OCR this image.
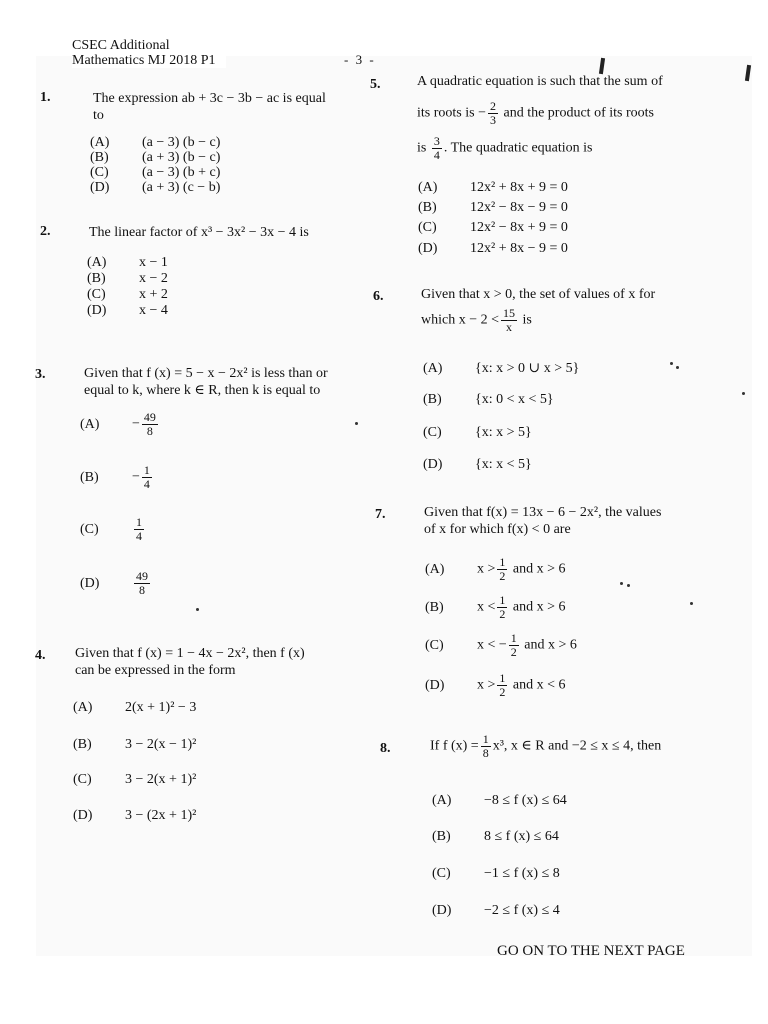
CSEC Additional
Mathematics MJ 2018 P1	- 3 -
1.	The expression ab + 3c − 3b − ac is equal
to
(A) (a − 3) (b − c)
(B) (a + 3) (b − c)
(C) (a − 3) (b + c)
(D) (a + 3) (c − b)
2.	The linear factor of x³ − 3x² − 3x − 4 is
(A) x − 1
(B) x − 2
(C) x + 2
(D) x − 4
3.	Given that f (x) = 5 − x − 2x² is less than or
equal to k, where k ∈ R, then k is equal to
$(A) - \frac{49}{8}$
$(B) - \frac{1}{4}$
(C)	$\frac{1}{4}$
(D)	$\frac{49}{8}$
4. Given that f (x) = 1 − 4x − 2x², then f (x)
can be expressed in the form
(A) 2(x + 1)² − 3
(B) 3 − 2(x − 1)²
(C) 3 − 2(x + 1)²
(D) 3 − (2x + 1)²
5.	A quadratic equation is such that the sum of
its roots is − $\frac{2}{3}$ and the product of its roots
is $\frac{3}{4}$ . The quadratic equation is
(A) 12x² + 8x + 9 = 0
(B) 12x² − 8x − 9 = 0
(C) 12x² − 8x + 9 = 0
(D) 12x² + 8x − 9 = 0
6.	Given that x > 0, the set of values of x for
which $x - 2 < \frac{15}{x}$ is
(A) {x: x > 0 ∪ x > 5}
(B) {x: 0 < x < 5}
(C) {x: x > 5}
(D) {x: x < 5}
7.	Given that f(x) = 13x − 6 − 2x², the values
of x for which f(x) < 0 are
(A) $x > \frac{1}{2}$ and x > 6
(B) $x < \frac{1}{2}$ and x > 6
(C) x < − $\frac{1}{2}$ and x > 6
(D) $x > \frac{1}{2}$ and x < 6
8.	If f $(x) = \frac{1}{8} x^3$, x ∈ R and −2 ≤ x ≤ 4, then
(A) −8 ≤ f (x) ≤ 64
(B) 8 ≤ f (x) ≤ 64
(C) −1 ≤ f (x) ≤ 8
(D) −2 ≤ f (x) ≤ 4
GO ON TO THE NEXT PAGE
